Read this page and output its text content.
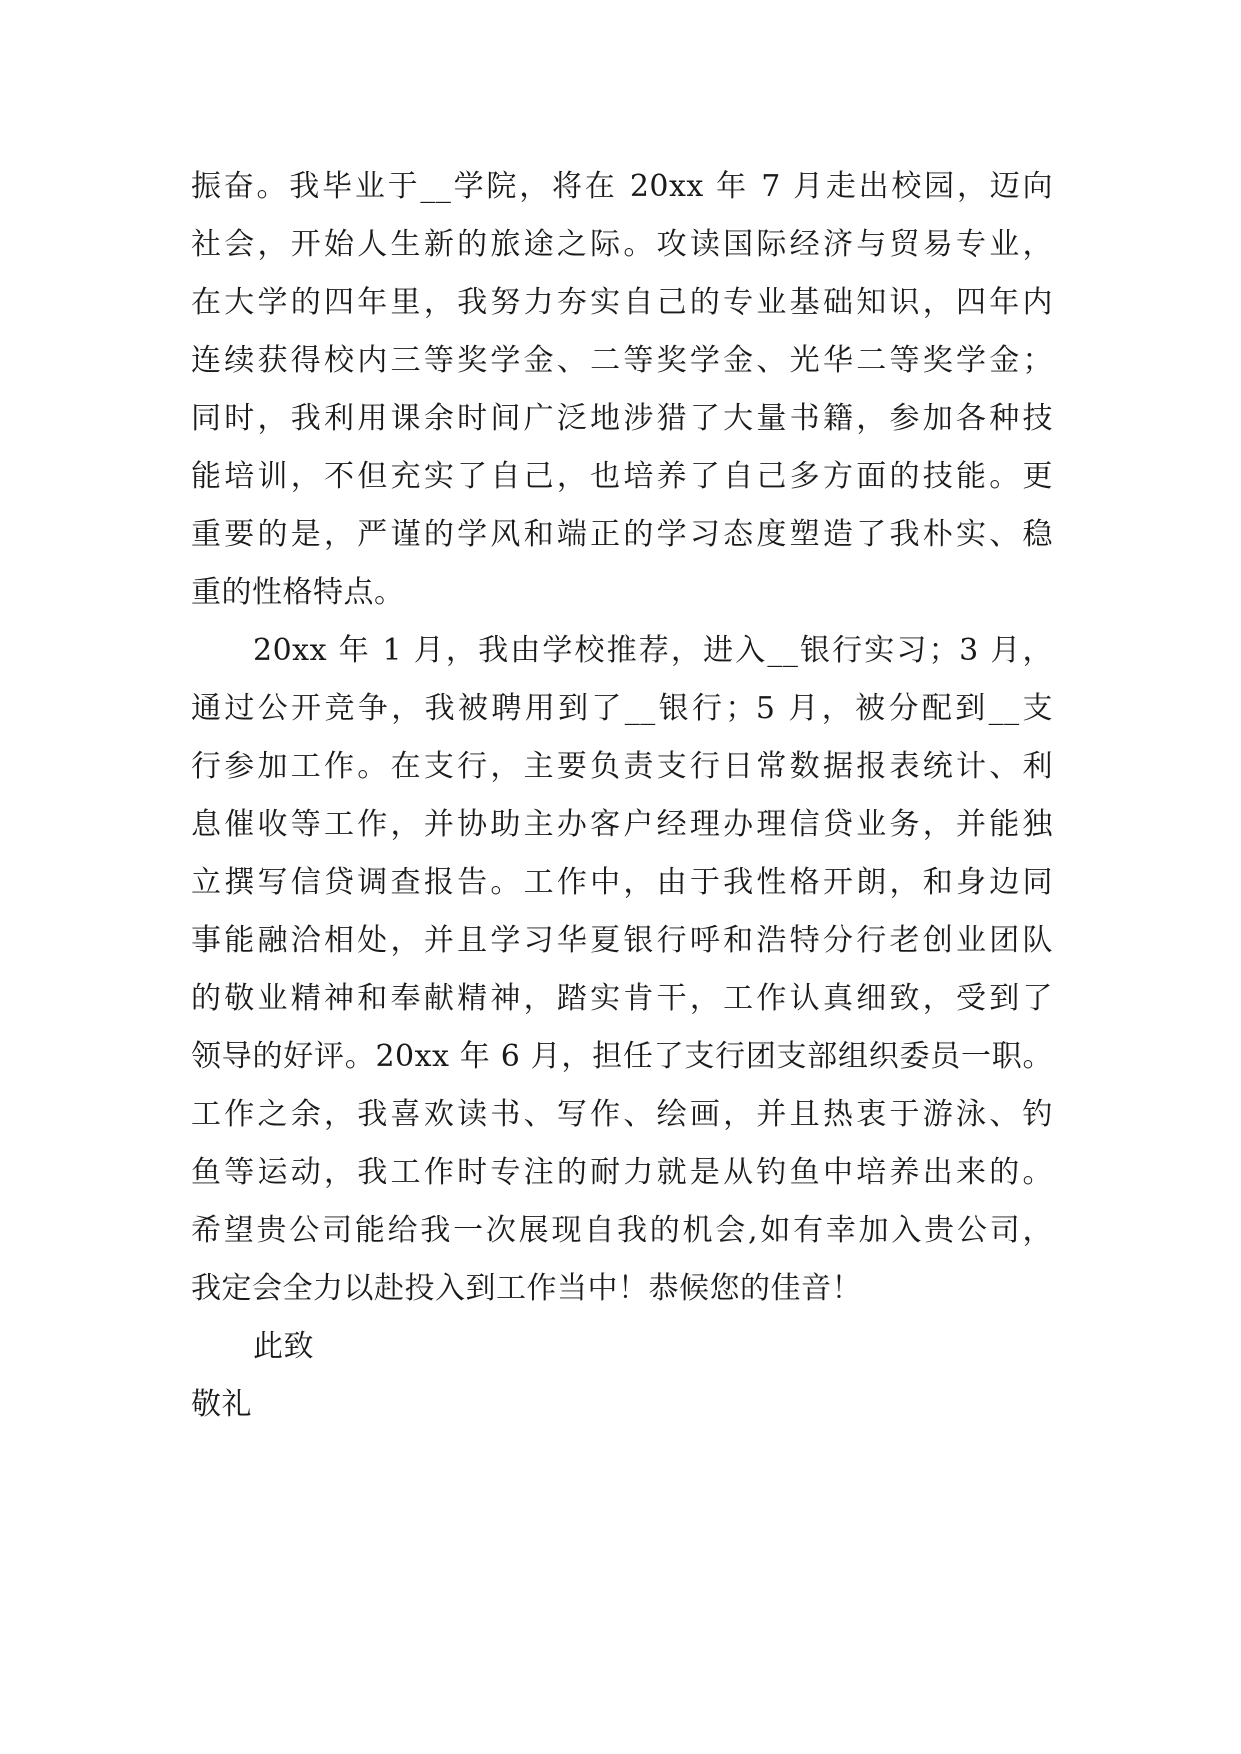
振奋。我毕业于__学院，将在 20xx 年 7 月走出校园，迈向
社会，开始人生新的旅途之际。攻读国际经济与贸易专业，
在大学的四年里，我努力夯实自己的专业基础知识，四年内
连续获得校内三等奖学金、二等奖学金、光华二等奖学金；
同时，我利用课余时间广泛地涉猎了大量书籍，参加各种技
能培训，不但充实了自己，也培养了自己多方面的技能。更
重要的是，严谨的学风和端正的学习态度塑造了我朴实、稳
重的性格特点。
20xx 年 1 月，我由学校推荐，进入__银行实习；3 月，
通过公开竞争，我被聘用到了__银行；5 月，被分配到__支
行参加工作。在支行，主要负责支行日常数据报表统计、利
息催收等工作，并协助主办客户经理办理信贷业务，并能独
立撰写信贷调查报告。工作中，由于我性格开朗，和身边同
事能融洽相处，并且学习华夏银行呼和浩特分行老创业团队
的敬业精神和奉献精神，踏实肯干，工作认真细致，受到了
领导的好评。20xx 年 6 月，担任了支行团支部组织委员一职。
工作之余，我喜欢读书、写作、绘画，并且热衷于游泳、钓
鱼等运动，我工作时专注的耐力就是从钓鱼中培养出来的。
希望贵公司能给我一次展现自我的机会,如有幸加入贵公司，
我定会全力以赴投入到工作当中！恭候您的佳音！
此致
敬礼
